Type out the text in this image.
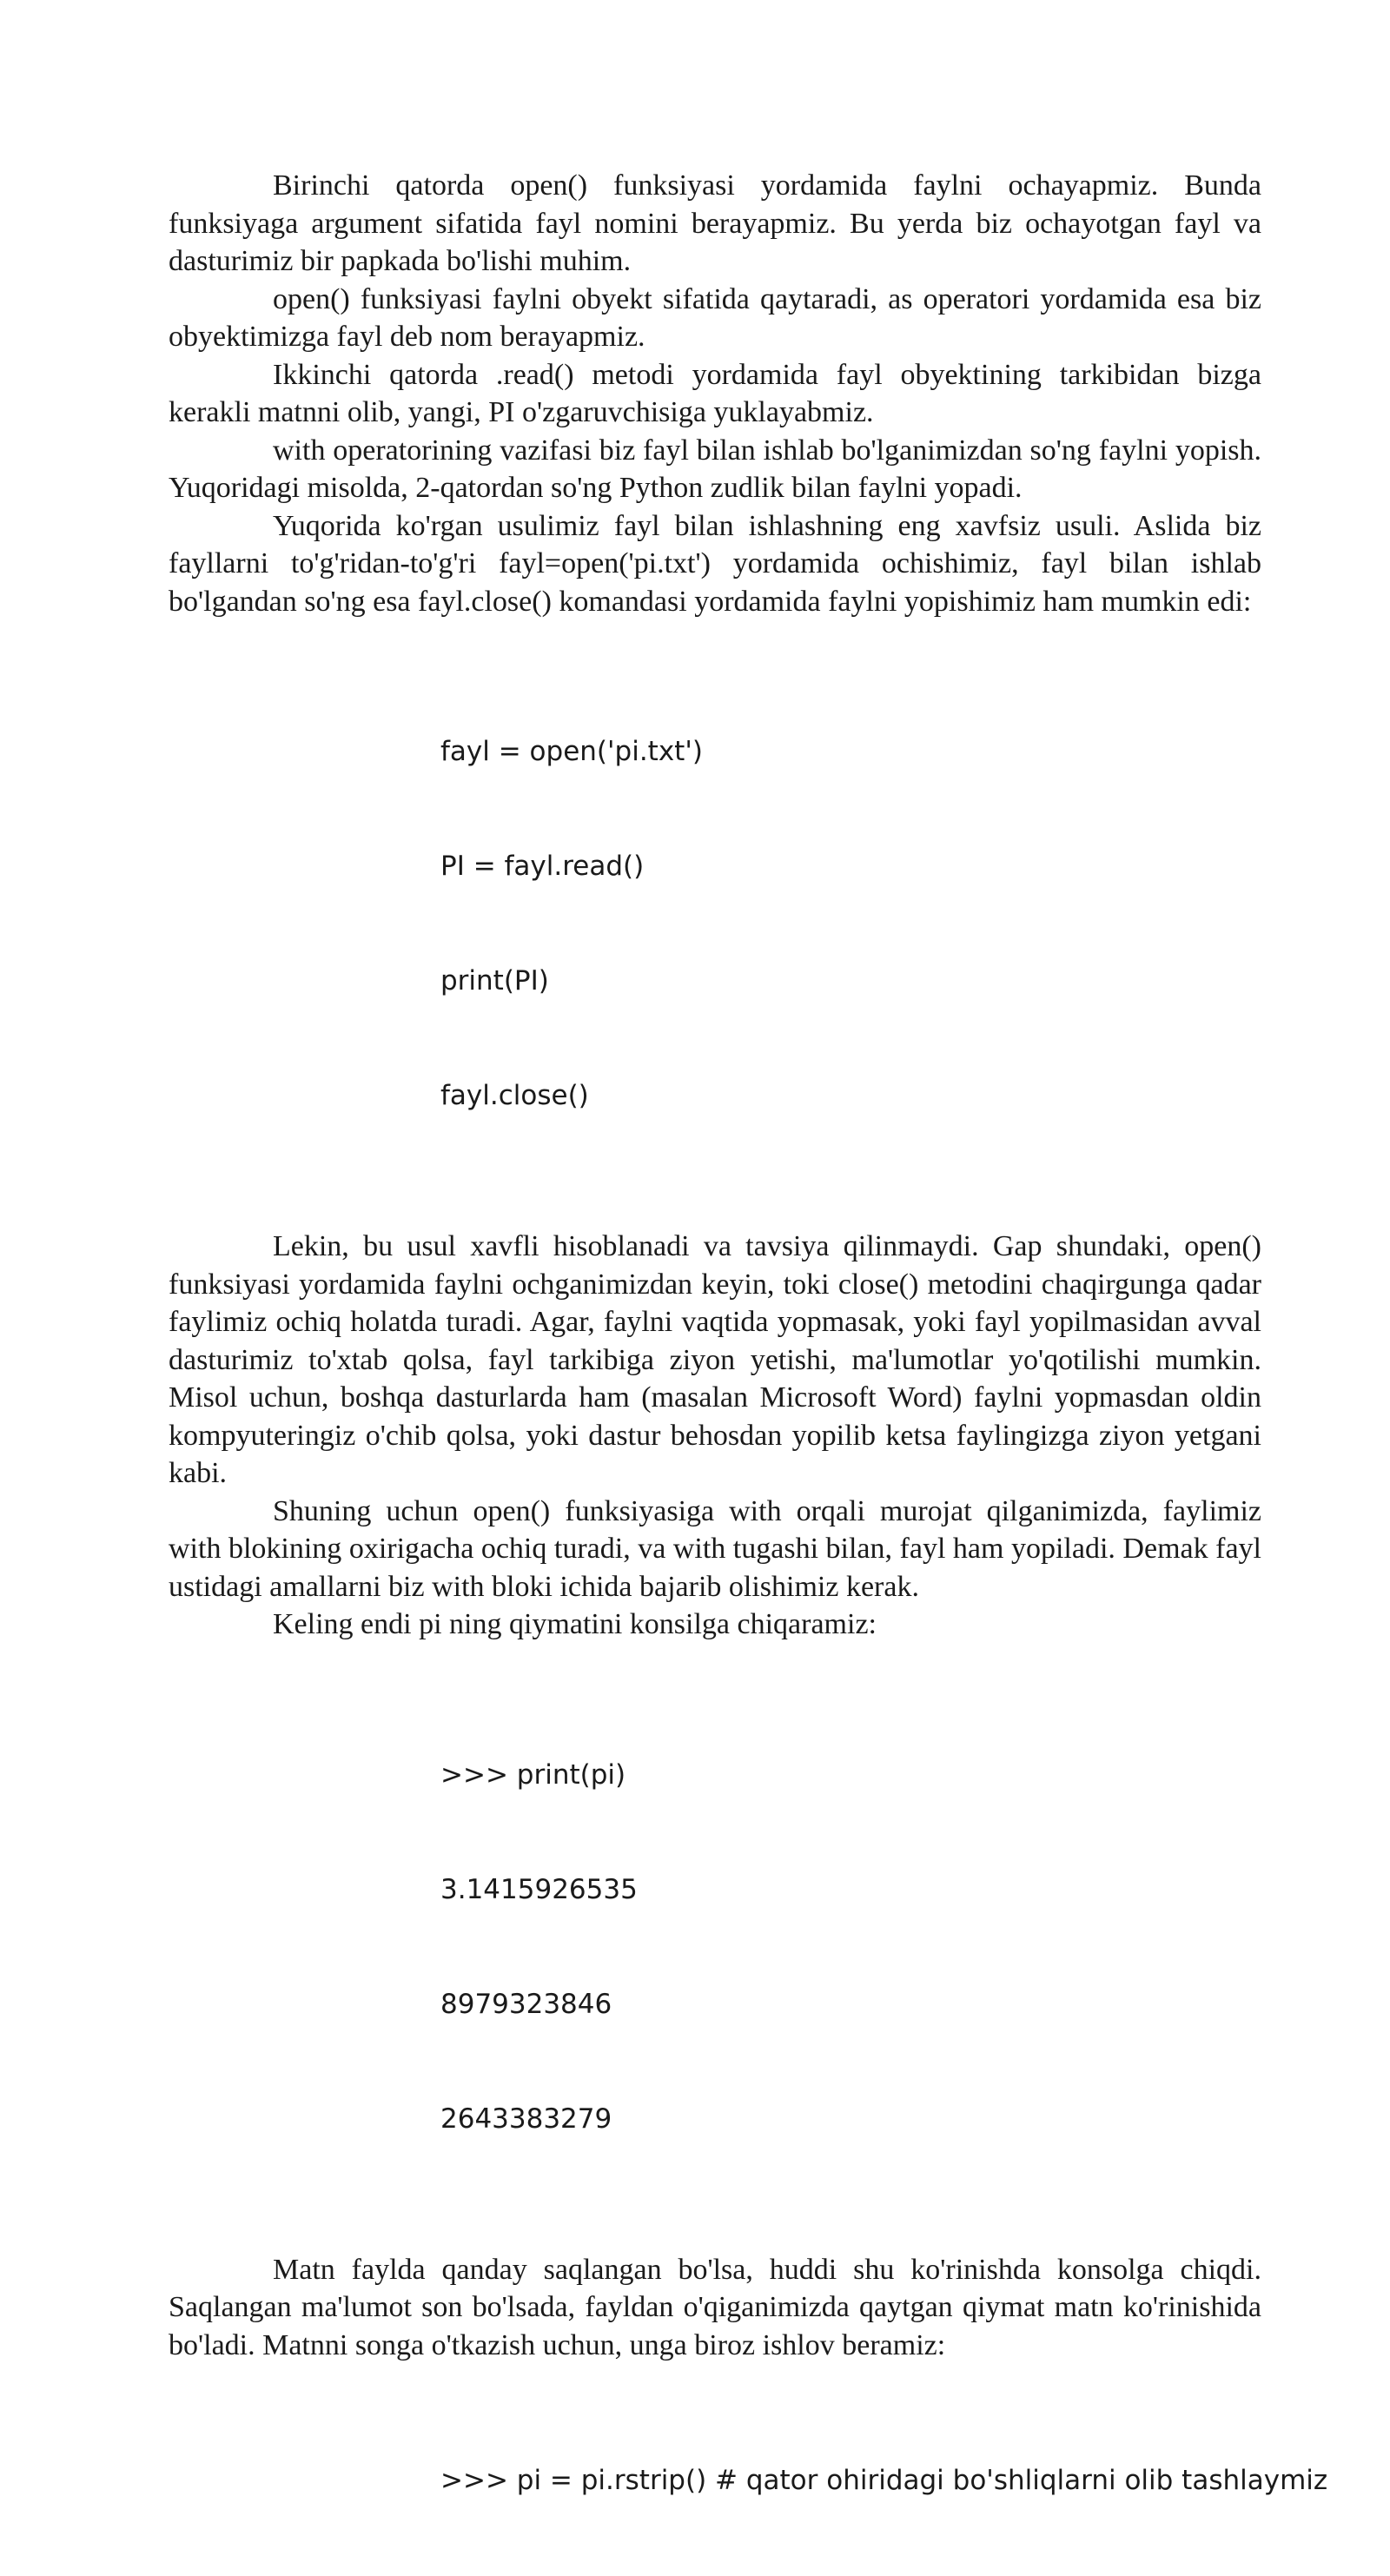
Birinchi qatorda open() funksiyasi yordamida faylni ochayapmiz. Bunda funksiyaga argument sifatida fayl nomini berayapmiz. Bu yerda biz ochayotgan fayl va dasturimiz bir papkada bo'lishi muhim.

open() funksiyasi faylni obyekt sifatida qaytaradi, as operatori yordamida esa biz obyektimizga fayl deb nom berayapmiz.

Ikkinchi qatorda .read() metodi yordamida fayl obyektining tarkibidan bizga kerakli matnni olib, yangi, PI o'zgaruvchisiga yuklayabmiz.

with operatorining vazifasi biz fayl bilan ishlab bo'lganimizdan so'ng faylni yopish. Yuqoridagi misolda, 2-qatordan so'ng Python zudlik bilan faylni yopadi.

Yuqorida ko'rgan usulimiz fayl bilan ishlashning eng xavfsiz usuli. Aslida biz fayllarni to'g'ridan-to'g'ri fayl=open('pi.txt') yordamida ochishimiz, fayl bilan ishlab bo'lgandan so'ng esa fayl.close() komandasi yordamida faylni yopishimiz ham mumkin edi:

fayl = open('pi.txt')

PI = fayl.read()

print(PI)

fayl.close()

Lekin, bu usul xavfli hisoblanadi va tavsiya qilinmaydi. Gap shundaki, open() funksiyasi yordamida faylni ochganimizdan keyin, toki close() metodini chaqirgunga qadar faylimiz ochiq holatda turadi. Agar, faylni vaqtida yopmasak, yoki fayl yopilmasidan avval dasturimiz to'xtab qolsa, fayl tarkibiga ziyon yetishi, ma'lumotlar yo'qotilishi mumkin. Misol uchun, boshqa dasturlarda ham (masalan Microsoft Word) faylni yopmasdan oldin kompyuteringiz o'chib qolsa, yoki dastur behosdan yopilib ketsa faylingizga ziyon yetgani kabi.

Shuning uchun open() funksiyasiga with orqali murojat qilganimizda, faylimiz with blokining oxirigacha ochiq turadi, va with tugashi bilan, fayl ham yopiladi. Demak fayl ustidagi amallarni biz with bloki ichida bajarib olishimiz kerak.

Keling endi pi ning qiymatini konsilga chiqaramiz:

>>> print(pi)

3.1415926535

8979323846

2643383279

Matn faylda qanday saqlangan bo'lsa, huddi shu ko'rinishda konsolga chiqdi. Saqlangan ma'lumot son bo'lsada, fayldan o'qiganimizda qaytgan qiymat matn ko'rinishida bo'ladi. Matnni songa o'tkazish uchun, unga biroz ishlov beramiz:

>>> pi = pi.rstrip() # qator ohiridagi bo'shliqlarni olib tashlaymiz
